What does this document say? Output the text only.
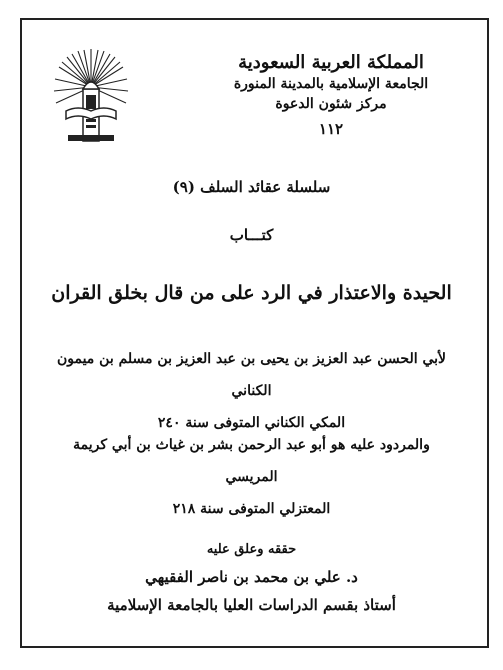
المملكة العربية السعودية
الجامعة الإسلامية بالمدينة المنورة
مركز شئون الدعوة
١١٢
سلسلة عقائد السلف (٩)
كتـــاب
الحيدة والاعتذار في الرد على من قال بخلق القران
لأبي الحسن عبد العزيز بن يحيى بن عبد العزيز بن مسلم بن ميمون الكناني
المكي الكناني المتوفى سنة ٢٤٠
والمردود عليه هو أبو عبد الرحمن بشر بن غياث بن أبي كريمة المريسي
المعتزلي المتوفى سنة ٢١٨
حققه وعلق عليه
د. علي بن محمد بن ناصر الفقيهي
أستاذ بقسم الدراسات العليا بالجامعة الإسلامية
